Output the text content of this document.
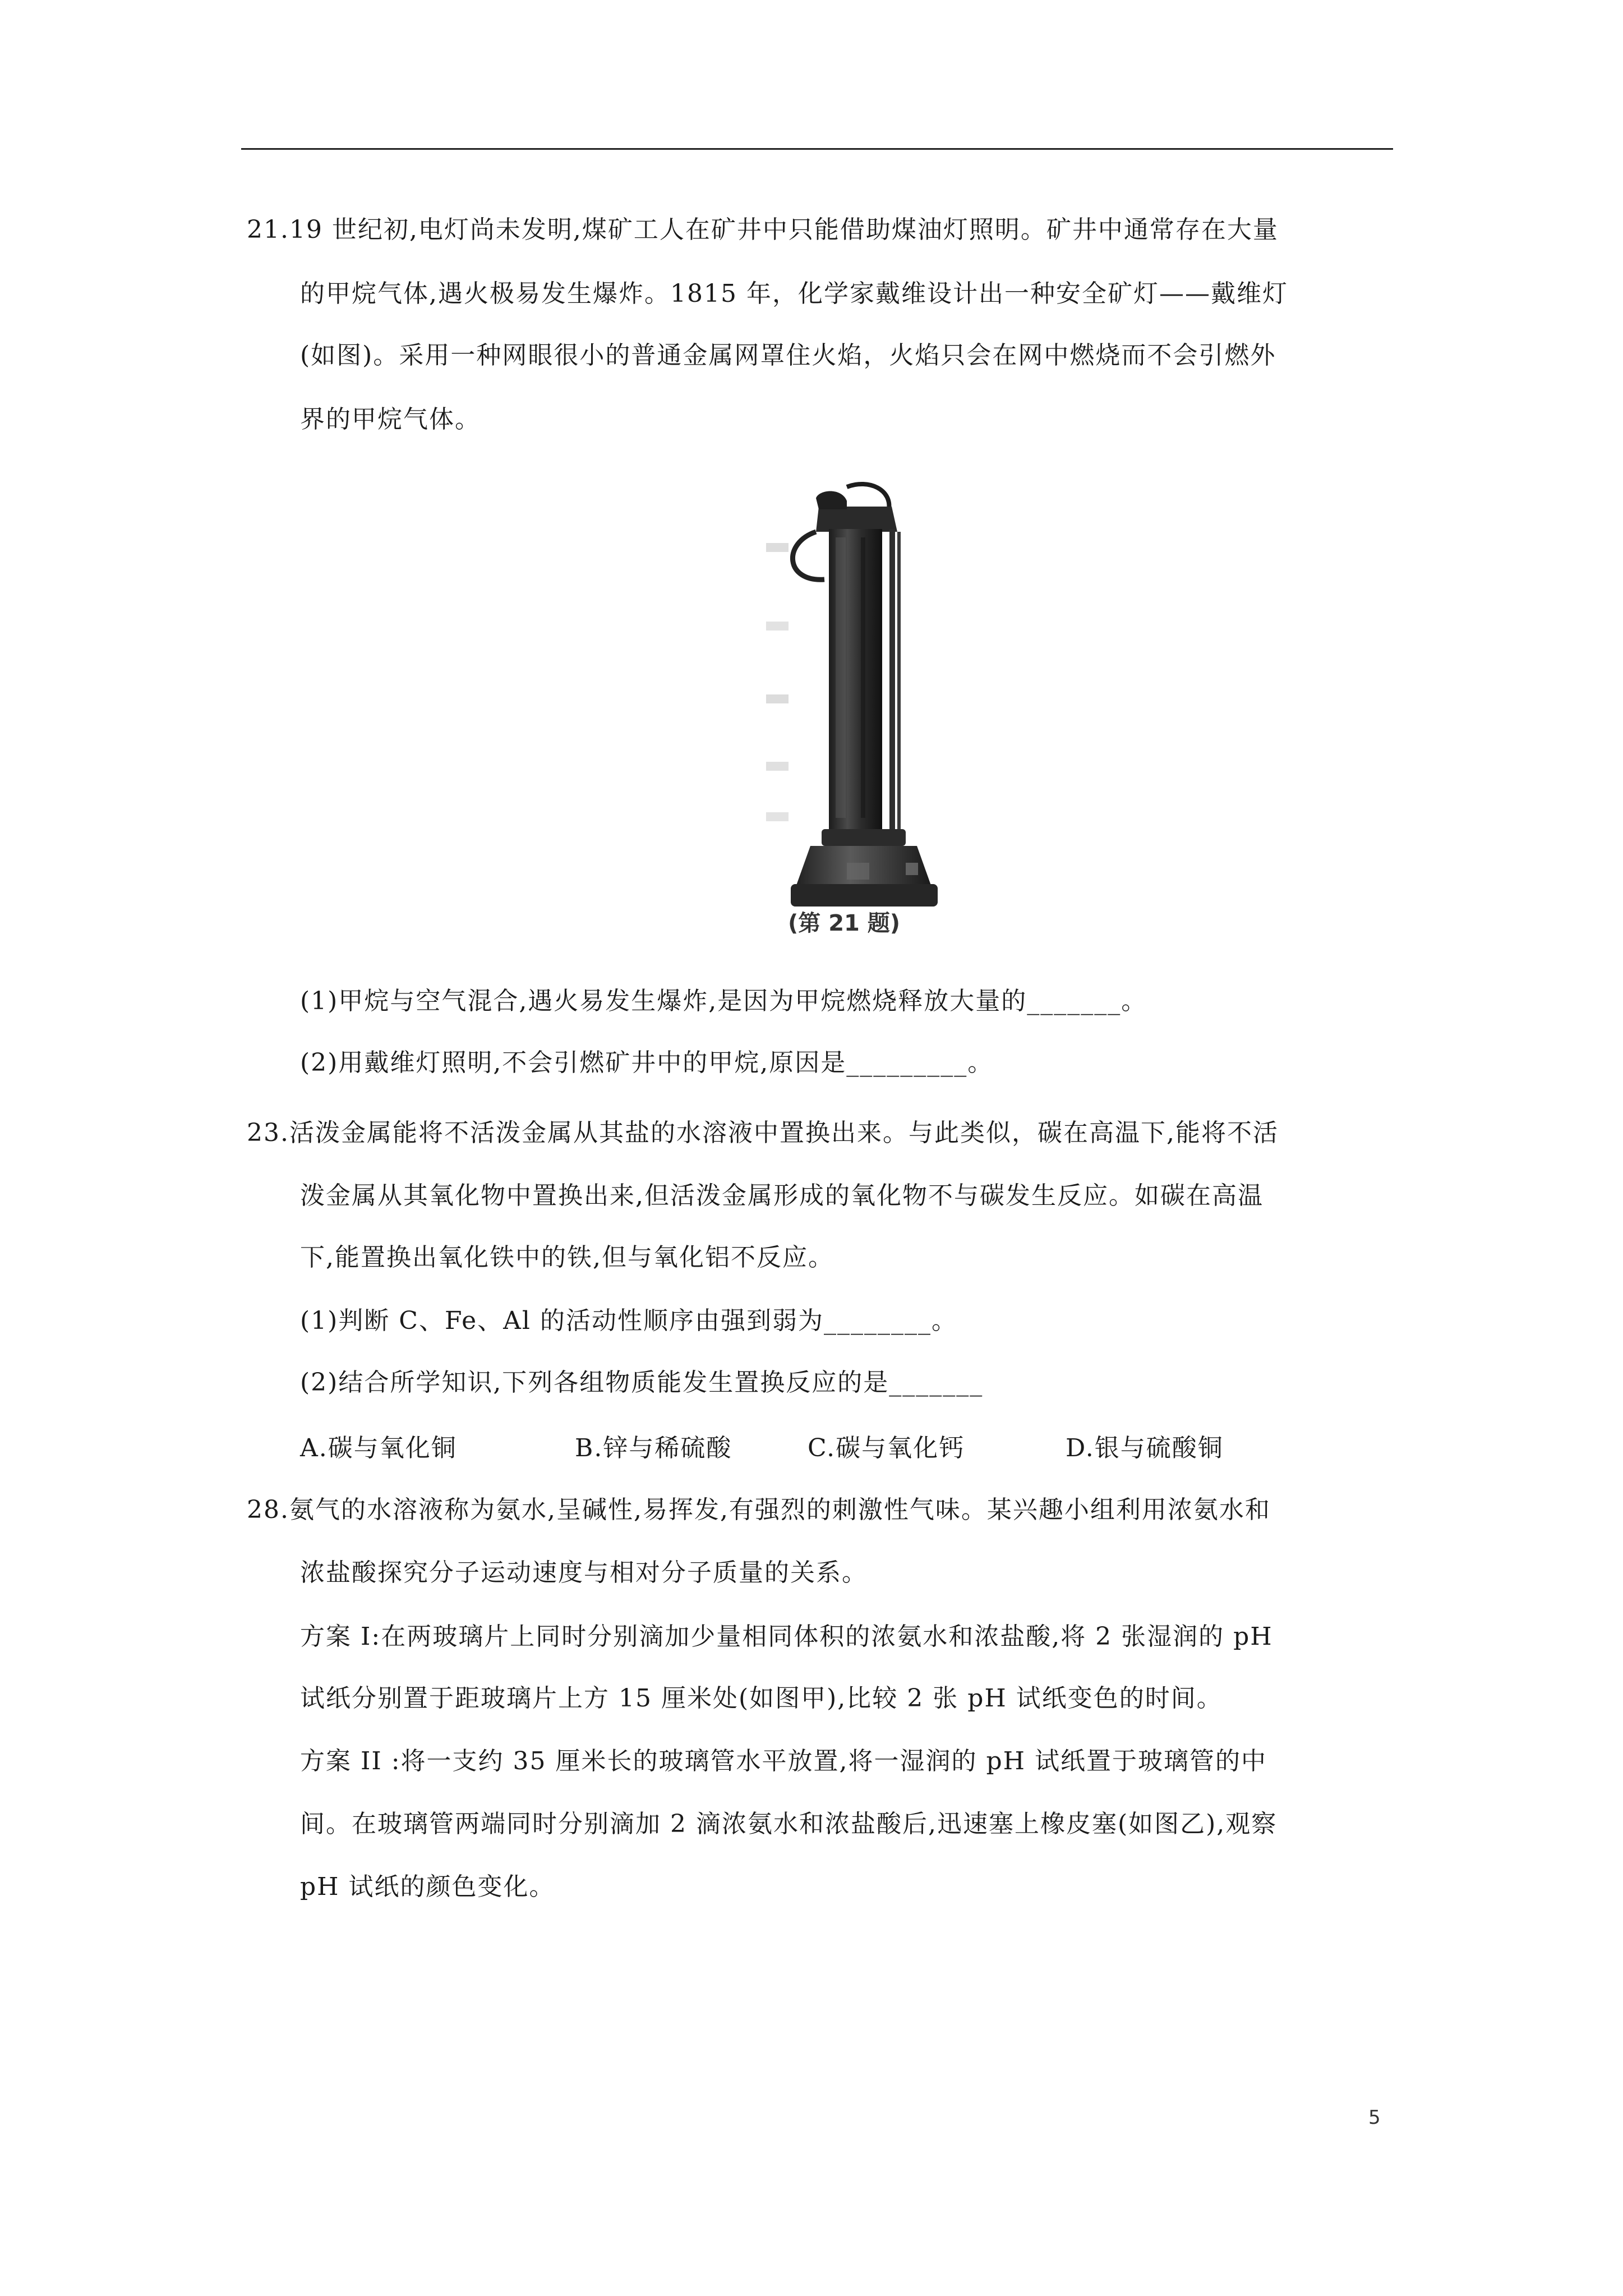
21.19 世纪初,电灯尚未发明,煤矿工人在矿井中只能借助煤油灯照明。矿井中通常存在大量
的甲烷气体,遇火极易发生爆炸。1815 年，化学家戴维设计出一种安全矿灯——戴维灯
(如图)。采用一种网眼很小的普通金属网罩住火焰，火焰只会在网中燃烧而不会引燃外
界的甲烷气体。
(第 21 题)
(1)甲烷与空气混合,遇火易发生爆炸,是因为甲烷燃烧释放大量的_______。
(2)用戴维灯照明,不会引燃矿井中的甲烷,原因是_________。
23.活泼金属能将不活泼金属从其盐的水溶液中置换出来。与此类似，碳在高温下,能将不活
泼金属从其氧化物中置换出来,但活泼金属形成的氧化物不与碳发生反应。如碳在高温
下,能置换出氧化铁中的铁,但与氧化铝不反应。
(1)判断 C、Fe、Al 的活动性顺序由强到弱为________。
(2)结合所学知识,下列各组物质能发生置换反应的是_______
A.碳与氧化铜	B.锌与稀硫酸	C.碳与氧化钙	D.银与硫酸铜
28.氨气的水溶液称为氨水,呈碱性,易挥发,有强烈的刺激性气味。某兴趣小组利用浓氨水和
浓盐酸探究分子运动速度与相对分子质量的关系。
方案 I:在两玻璃片上同时分别滴加少量相同体积的浓氨水和浓盐酸,将 2 张湿润的 pH
试纸分别置于距玻璃片上方 15 厘米处(如图甲),比较 2 张 pH 试纸变色的时间。
方案 II :将一支约 35 厘米长的玻璃管水平放置,将一湿润的 pH 试纸置于玻璃管的中
间。在玻璃管两端同时分别滴加 2 滴浓氨水和浓盐酸后,迅速塞上橡皮塞(如图乙),观察
pH 试纸的颜色变化。
5
